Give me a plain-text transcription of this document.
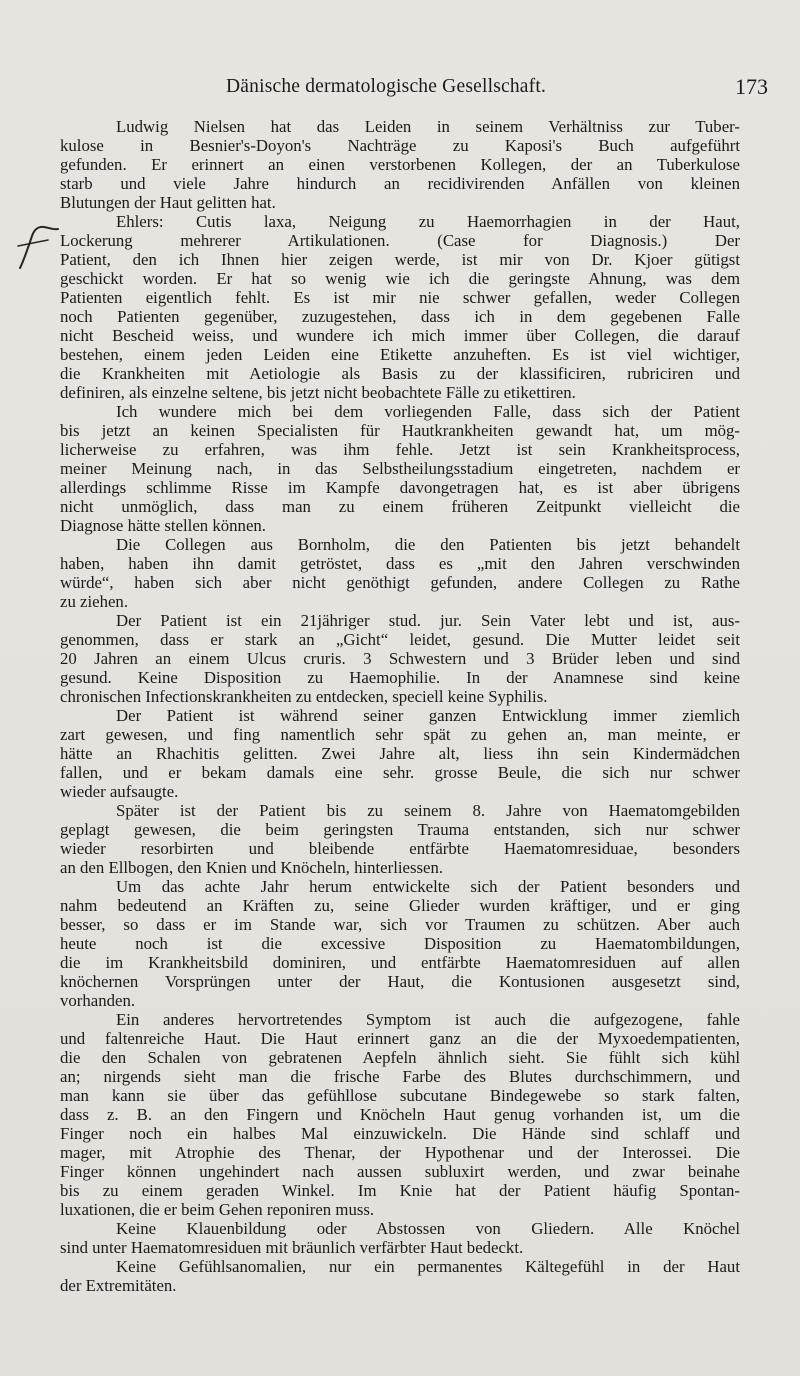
Dänische dermatologische Gesellschaft.	173
Ludwig Nielsen hat das Leiden in seinem Verhältniss zur Tuber-
kulose in Besnier's-Doyon's Nachträge zu Kaposi's Buch aufgeführt
gefunden. Er erinnert an einen verstorbenen Kollegen, der an Tuberkulose
starb und viele Jahre hindurch an recidivirenden Anfällen von kleinen
Blutungen der Haut gelitten hat.
Ehlers: Cutis laxa, Neigung zu Haemorrhagien in der Haut,
Lockerung mehrerer Artikulationen. (Case for Diagnosis.) Der
Patient, den ich Ihnen hier zeigen werde, ist mir von Dr. Kjoer gütigst
geschickt worden. Er hat so wenig wie ich die geringste Ahnung, was dem
Patienten eigentlich fehlt. Es ist mir nie schwer gefallen, weder Collegen
noch Patienten gegenüber, zuzugestehen, dass ich in dem gegebenen Falle
nicht Bescheid weiss, und wundere ich mich immer über Collegen, die darauf
bestehen, einem jeden Leiden eine Etikette anzuheften. Es ist viel wichtiger,
die Krankheiten mit Aetiologie als Basis zu der klassificiren, rubriciren und
definiren, als einzelne seltene, bis jetzt nicht beobachtete Fälle zu etikettiren.
Ich wundere mich bei dem vorliegenden Falle, dass sich der Patient
bis jetzt an keinen Specialisten für Hautkrankheiten gewandt hat, um mög-
licherweise zu erfahren, was ihm fehle. Jetzt ist sein Krankheitsprocess,
meiner Meinung nach, in das Selbstheilungsstadium eingetreten, nachdem er
allerdings schlimme Risse im Kampfe davongetragen hat, es ist aber übrigens
nicht unmöglich, dass man zu einem früheren Zeitpunkt vielleicht die
Diagnose hätte stellen können.
Die Collegen aus Bornholm, die den Patienten bis jetzt behandelt
haben, haben ihn damit getröstet, dass es „mit den Jahren verschwinden
würde“, haben sich aber nicht genöthigt gefunden, andere Collegen zu Rathe
zu ziehen.
Der Patient ist ein 21jähriger stud. jur. Sein Vater lebt und ist, aus-
genommen, dass er stark an „Gicht“ leidet, gesund. Die Mutter leidet seit
20 Jahren an einem Ulcus cruris. 3 Schwestern und 3 Brüder leben und sind
gesund. Keine Disposition zu Haemophilie. In der Anamnese sind keine
chronischen Infectionskrankheiten zu entdecken, speciell keine Syphilis.
Der Patient ist während seiner ganzen Entwicklung immer ziemlich
zart gewesen, und fing namentlich sehr spät zu gehen an, man meinte, er
hätte an Rhachitis gelitten. Zwei Jahre alt, liess ihn sein Kindermädchen
fallen, und er bekam damals eine sehr. grosse Beule, die sich nur schwer
wieder aufsaugte.
Später ist der Patient bis zu seinem 8. Jahre von Haematomgebilden
geplagt gewesen, die beim geringsten Trauma entstanden, sich nur schwer
wieder resorbirten und bleibende entfärbte Haematomresiduae, besonders
an den Ellbogen, den Knien und Knöcheln, hinterliessen.
Um das achte Jahr herum entwickelte sich der Patient besonders und
nahm bedeutend an Kräften zu, seine Glieder wurden kräftiger, und er ging
besser, so dass er im Stande war, sich vor Traumen zu schützen. Aber auch
heute noch ist die excessive Disposition zu Haematombildungen,
die im Krankheitsbild dominiren, und entfärbte Haematomresiduen auf allen
knöchernen Vorsprüngen unter der Haut, die Kontusionen ausgesetzt sind,
vorhanden.
Ein anderes hervortretendes Symptom ist auch die aufgezogene, fahle
und faltenreiche Haut. Die Haut erinnert ganz an die der Myxoedempatienten,
die den Schalen von gebratenen Aepfeln ähnlich sieht. Sie fühlt sich kühl
an; nirgends sieht man die frische Farbe des Blutes durchschimmern, und
man kann sie über das gefühllose subcutane Bindegewebe so stark falten,
dass z. B. an den Fingern und Knöcheln Haut genug vorhanden ist, um die
Finger noch ein halbes Mal einzuwickeln. Die Hände sind schlaff und
mager, mit Atrophie des Thenar, der Hypothenar und der Interossei. Die
Finger können ungehindert nach aussen subluxirt werden, und zwar beinahe
bis zu einem geraden Winkel. Im Knie hat der Patient häufig Spontan-
luxationen, die er beim Gehen reponiren muss.
Keine Klauenbildung oder Abstossen von Gliedern. Alle Knöchel
sind unter Haematomresiduen mit bräunlich verfärbter Haut bedeckt.
Keine Gefühlsanomalien, nur ein permanentes Kältegefühl in der Haut
der Extremitäten.
